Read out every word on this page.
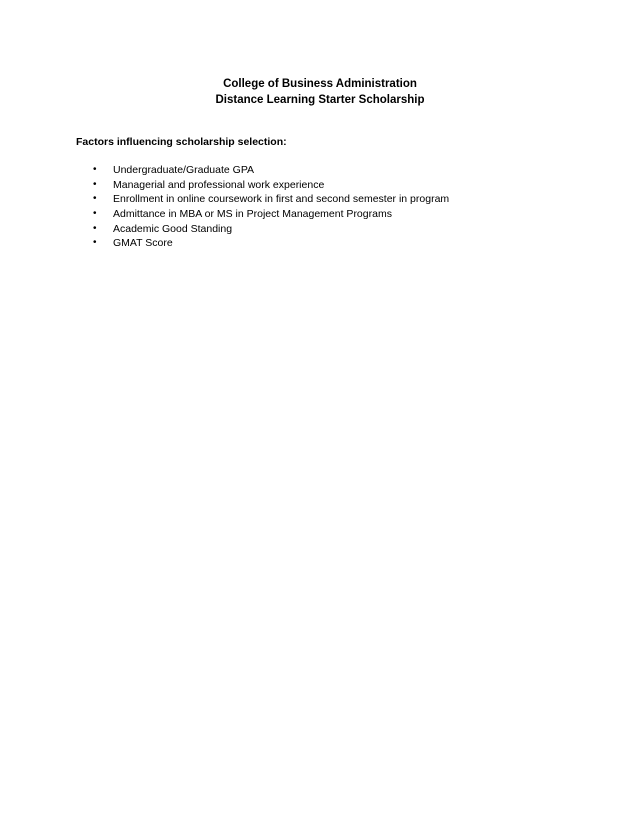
College of Business Administration
Distance Learning Starter Scholarship
Factors influencing scholarship selection:
• Undergraduate/Graduate GPA
• Managerial and professional work experience
• Enrollment in online coursework in first and second semester in program
• Admittance in MBA or MS in Project Management Programs
• Academic Good Standing
• GMAT Score
